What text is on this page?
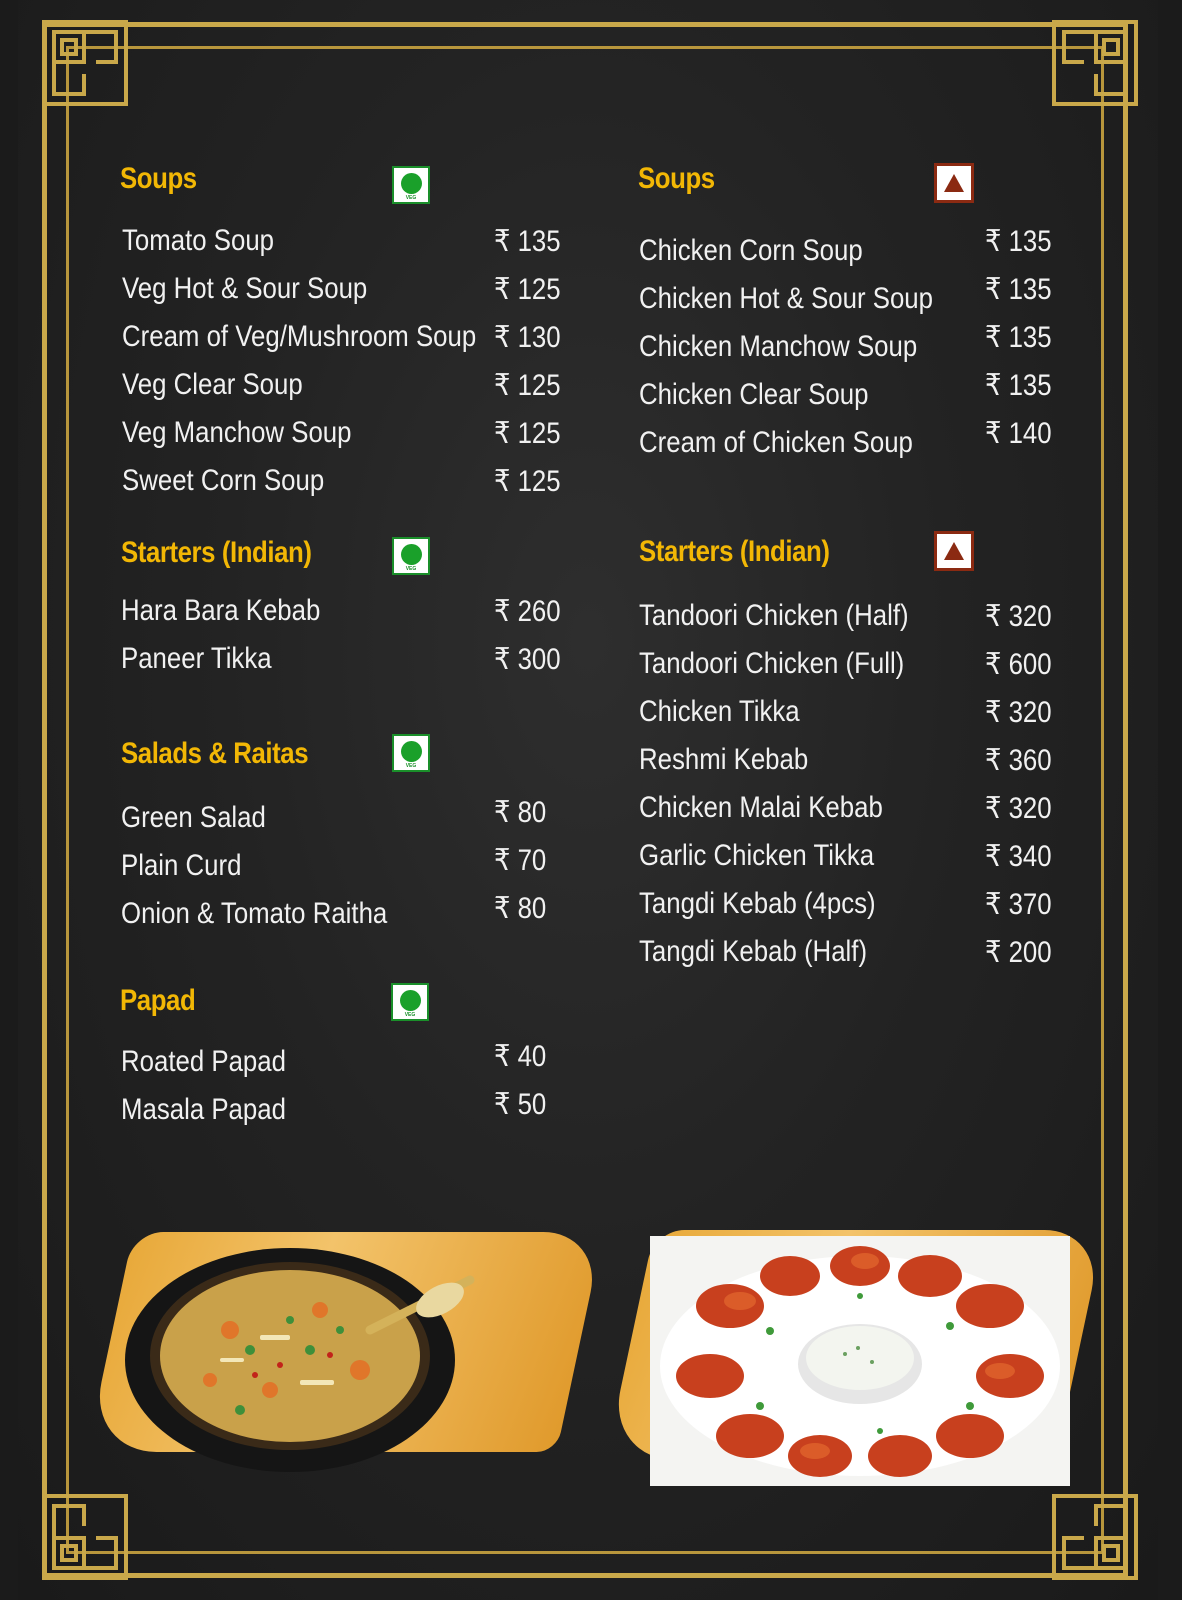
Soups
VEG
Tomato Soup	₹ 135
Veg Hot & Sour Soup	₹ 125
Cream of Veg/Mushroom Soup ₹ 130
Veg Clear Soup	₹ 125
Veg Manchow Soup	₹ 125
Sweet Corn Soup	₹ 125
Starters (Indian)	VEG
Hara Bara Kebab	₹ 260
Paneer Tikka	₹ 300
Salads & Raitas	VEG
Green Salad	₹ 80
Plain Curd	₹ 70
Onion & Tomato Raitha	₹ 80
Papad	VEG
Roated Papad	₹ 40
Masala Papad	₹ 50
Soups
Chicken Corn Soup	₹ 135
Chicken Hot & Sour Soup ₹ 135
Chicken Manchow Soup ₹ 135
Chicken Clear Soup	₹ 135
Cream of Chicken Soup ₹ 140
Starters (Indian)
Tandoori Chicken (Half)	₹ 320
Tandoori Chicken (Full)	₹ 600
Chicken Tikka	₹ 320
Reshmi Kebab	₹ 360
Chicken Malai Kebab	₹ 320
Garlic Chicken Tikka	₹ 340
Tangdi Kebab (4pcs)	₹ 370
Tangdi Kebab (Half)	₹ 200
